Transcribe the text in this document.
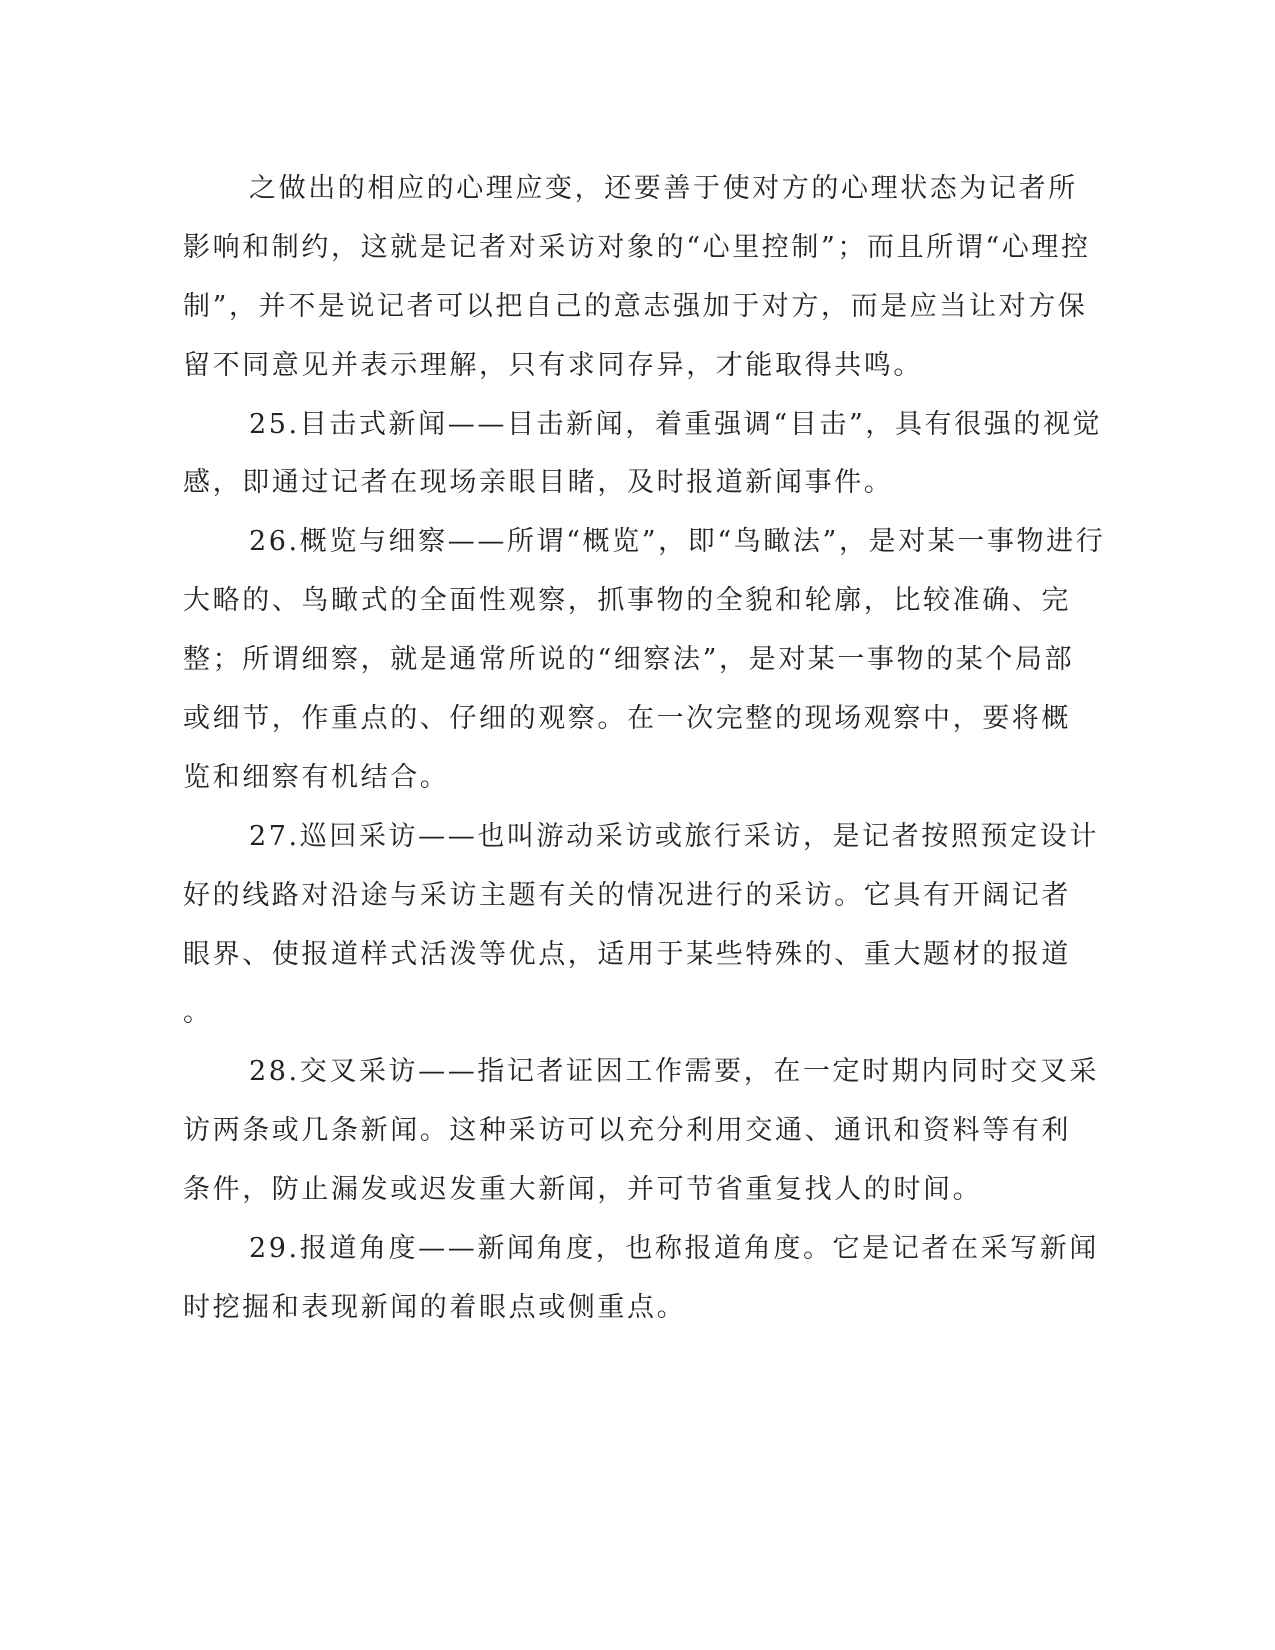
之做出的相应的心理应变，还要善于使对方的心理状态为记者所
影响和制约，这就是记者对采访对象的“心里控制”；而且所谓“心理控
制”，并不是说记者可以把自己的意志强加于对方，而是应当让对方保
留不同意见并表示理解，只有求同存异，才能取得共鸣。
25.目击式新闻——目击新闻，着重强调“目击”，具有很强的视觉
感，即通过记者在现场亲眼目睹，及时报道新闻事件。
26.概览与细察——所谓“概览”，即“鸟瞰法”，是对某一事物进行
大略的、鸟瞰式的全面性观察，抓事物的全貌和轮廓，比较准确、完
整；所谓细察，就是通常所说的“细察法”，是对某一事物的某个局部
或细节，作重点的、仔细的观察。在一次完整的现场观察中，要将概
览和细察有机结合。
27.巡回采访——也叫游动采访或旅行采访，是记者按照预定设计
好的线路对沿途与采访主题有关的情况进行的采访。它具有开阔记者
眼界、使报道样式活泼等优点，适用于某些特殊的、重大题材的报道
。
28.交叉采访——指记者证因工作需要，在一定时期内同时交叉采
访两条或几条新闻。这种采访可以充分利用交通、通讯和资料等有利
条件，防止漏发或迟发重大新闻，并可节省重复找人的时间。
29.报道角度——新闻角度，也称报道角度。它是记者在采写新闻
时挖掘和表现新闻的着眼点或侧重点。
